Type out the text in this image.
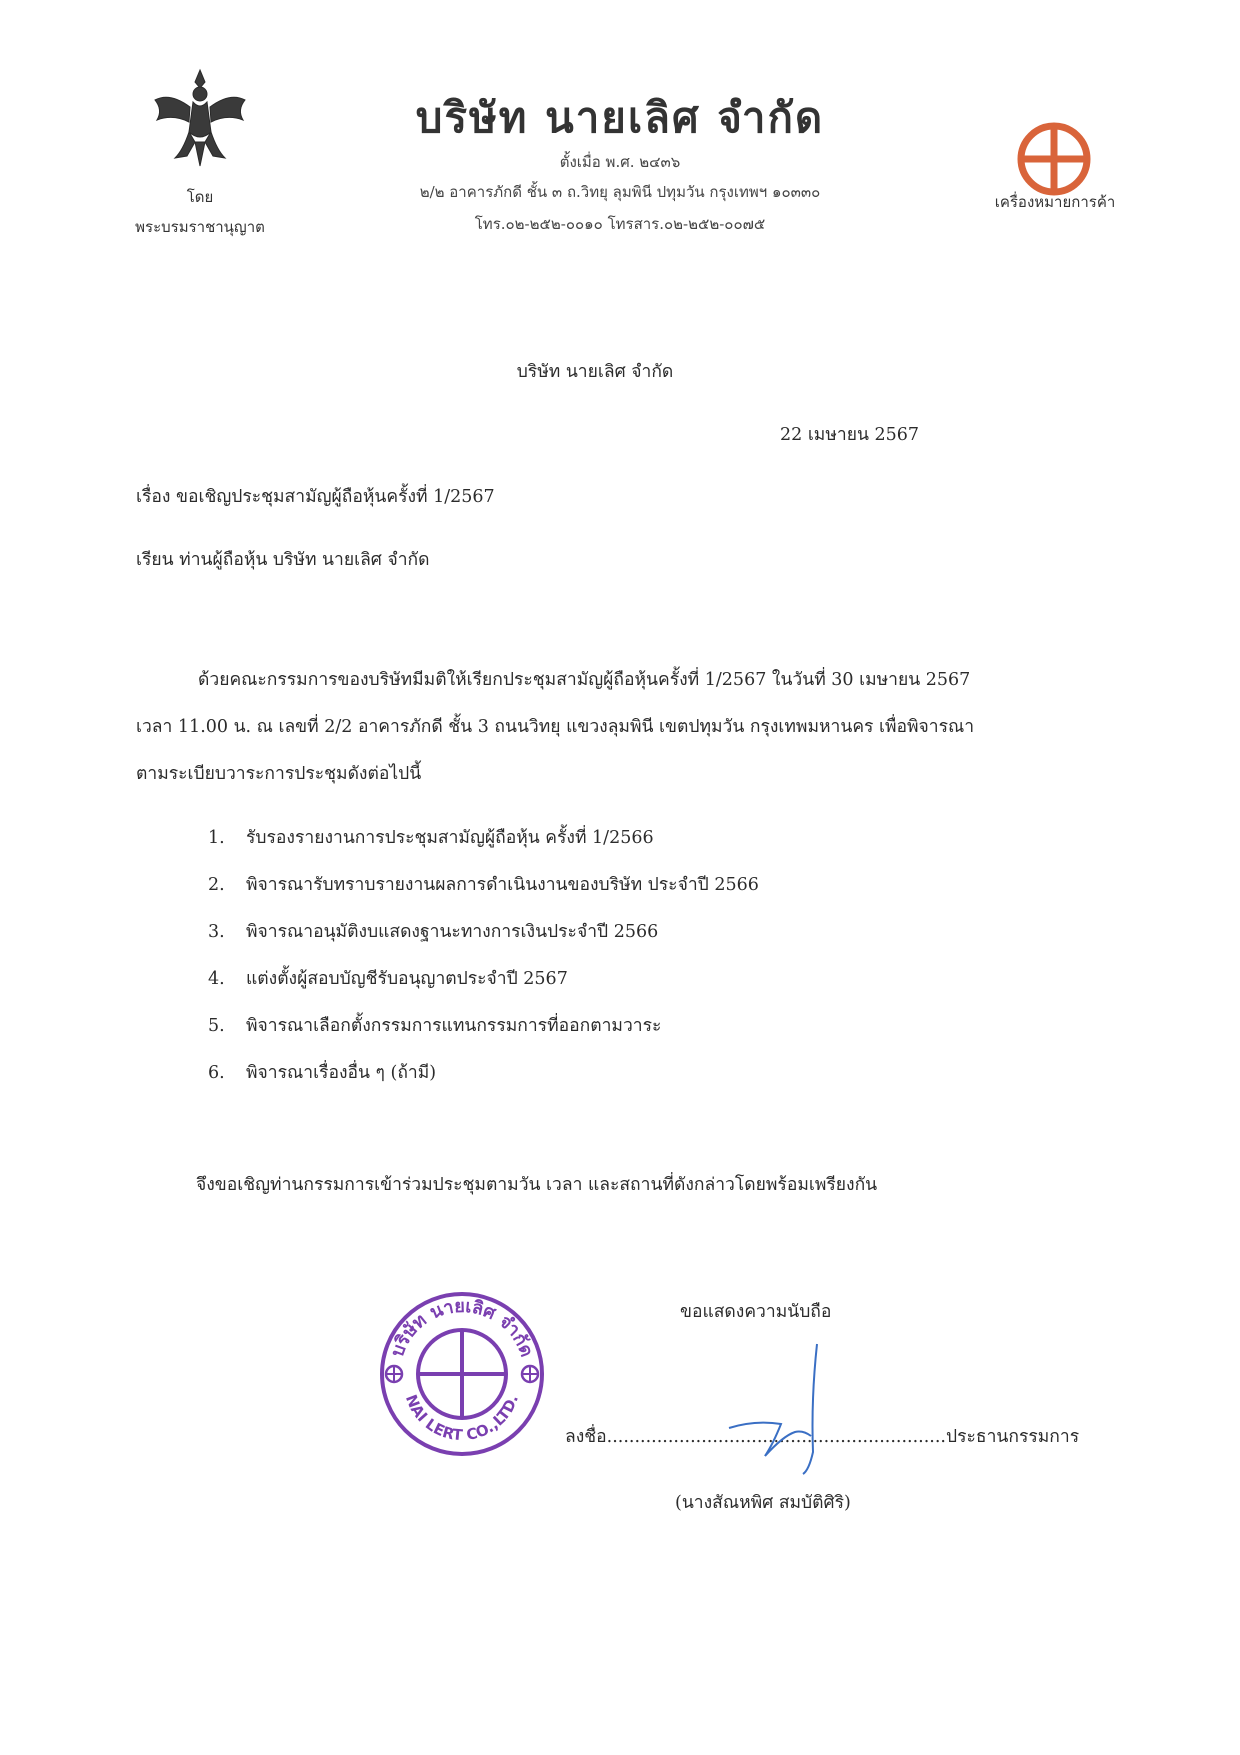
โดย
พระบรมราชานุญาต
บริษัท นายเลิศ จำกัด
ตั้งเมื่อ พ.ศ. ๒๔๓๖
๒/๒ อาคารภักดี ชั้น ๓ ถ.วิทยุ ลุมพินี ปทุมวัน กรุงเทพฯ ๑๐๓๓๐
โทร.๐๒-๒๕๒-๐๐๑๐ โทรสาร.๐๒-๒๕๒-๐๐๗๕
เครื่องหมายการค้า
บริษัท นายเลิศ จำกัด
22 เมษายน 2567
เรื่อง ขอเชิญประชุมสามัญผู้ถือหุ้นครั้งที่ 1/2567
เรียน ท่านผู้ถือหุ้น บริษัท นายเลิศ จำกัด
ด้วยคณะกรรมการของบริษัทมีมติให้เรียกประชุมสามัญผู้ถือหุ้นครั้งที่ 1/2567 ในวันที่ 30 เมษายน 2567
เวลา 11.00 น. ณ เลขที่ 2/2 อาคารภักดี ชั้น 3 ถนนวิทยุ แขวงลุมพินี เขตปทุมวัน กรุงเทพมหานคร เพื่อพิจารณา
ตามระเบียบวาระการประชุมดังต่อไปนี้
1. รับรองรายงานการประชุมสามัญผู้ถือหุ้น ครั้งที่ 1/2566
2. พิจารณารับทราบรายงานผลการดำเนินงานของบริษัท ประจำปี 2566
3. พิจารณาอนุมัติงบแสดงฐานะทางการเงินประจำปี 2566
4. แต่งตั้งผู้สอบบัญชีรับอนุญาตประจำปี 2567
5. พิจารณาเลือกตั้งกรรมการแทนกรรมการที่ออกตามวาระ
6. พิจารณาเรื่องอื่น ๆ (ถ้ามี)
จึงขอเชิญท่านกรรมการเข้าร่วมประชุมตามวัน เวลา และสถานที่ดังกล่าวโดยพร้อมเพรียงกัน
บริษัท นายเลิศ จำกัด
NAI LERT CO.,LTD.
ขอแสดงความนับถือ
ลงชื่อ.............................................................ประธานกรรมการ
(นางสัณหพิศ สมบัติศิริ)
